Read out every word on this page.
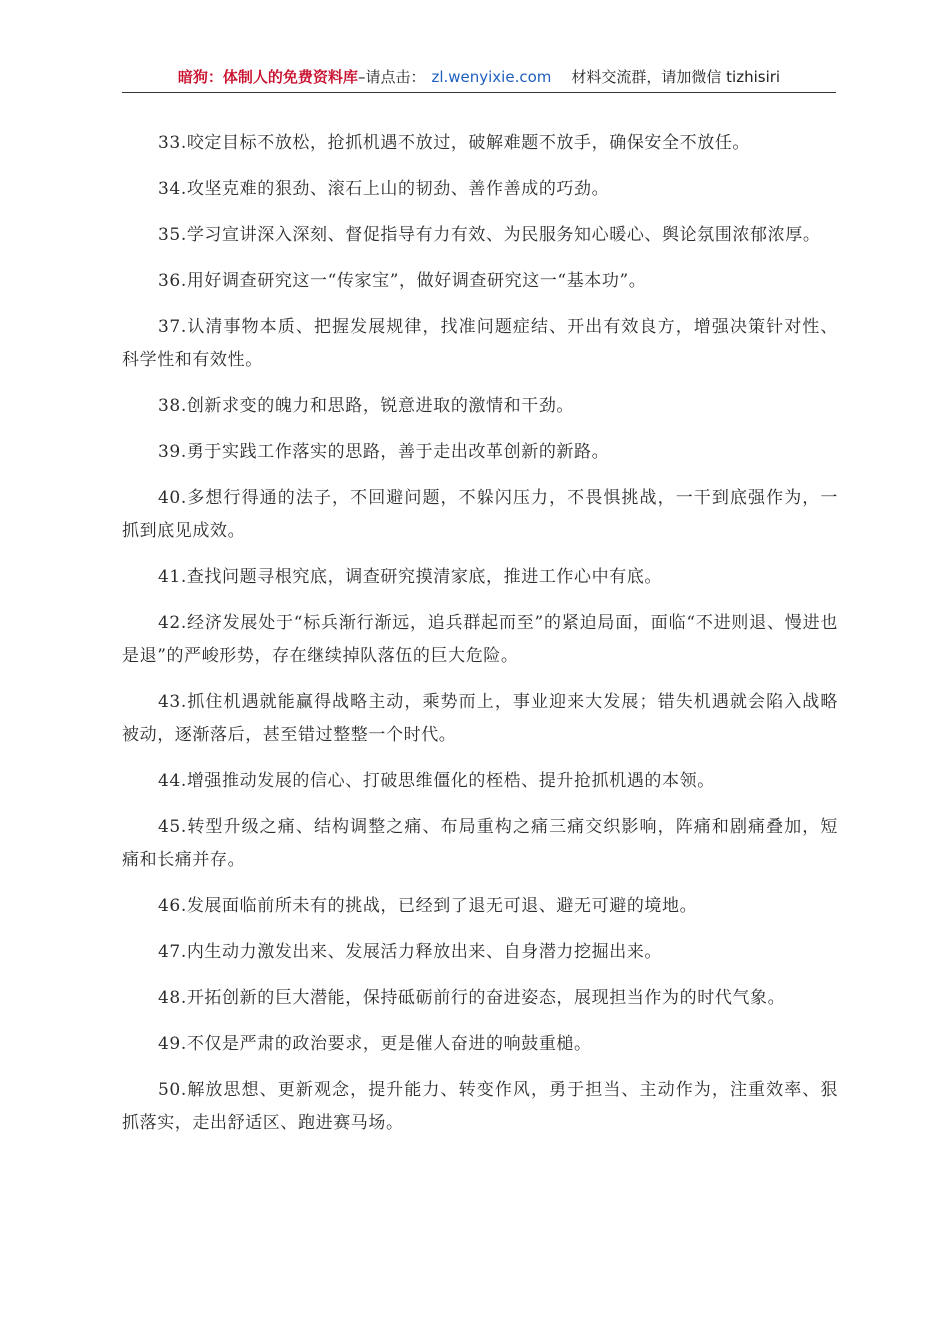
暗狗：体制人的免费资料库–请点击： zl.wenyixie.com 材料交流群，请加微信 tizhisiri

33.咬定目标不放松，抢抓机遇不放过，破解难题不放手，确保安全不放任。

34.攻坚克难的狠劲、滚石上山的韧劲、善作善成的巧劲。

35.学习宣讲深入深刻、督促指导有力有效、为民服务知心暖心、舆论氛围浓郁浓厚。

36.用好调查研究这一“传家宝”，做好调查研究这一“基本功”。

37.认清事物本质、把握发展规律，找准问题症结、开出有效良方，增强决策针对性、科学性和有效性。

38.创新求变的魄力和思路，锐意进取的激情和干劲。

39.勇于实践工作落实的思路，善于走出改革创新的新路。

40.多想行得通的法子，不回避问题，不躲闪压力，不畏惧挑战，一干到底强作为，一抓到底见成效。

41.查找问题寻根究底，调查研究摸清家底，推进工作心中有底。

42.经济发展处于“标兵渐行渐远，追兵群起而至”的紧迫局面，面临“不进则退、慢进也是退”的严峻形势，存在继续掉队落伍的巨大危险。

43.抓住机遇就能赢得战略主动，乘势而上，事业迎来大发展；错失机遇就会陷入战略被动，逐渐落后，甚至错过整整一个时代。

44.增强推动发展的信心、打破思维僵化的桎梏、提升抢抓机遇的本领。

45.转型升级之痛、结构调整之痛、布局重构之痛三痛交织影响，阵痛和剧痛叠加，短痛和长痛并存。

46.发展面临前所未有的挑战，已经到了退无可退、避无可避的境地。

47.内生动力激发出来、发展活力释放出来、自身潜力挖掘出来。

48.开拓创新的巨大潜能，保持砥砺前行的奋进姿态，展现担当作为的时代气象。

49.不仅是严肃的政治要求，更是催人奋进的响鼓重槌。

50.解放思想、更新观念，提升能力、转变作风，勇于担当、主动作为，注重效率、狠抓落实，走出舒适区、跑进赛马场。
